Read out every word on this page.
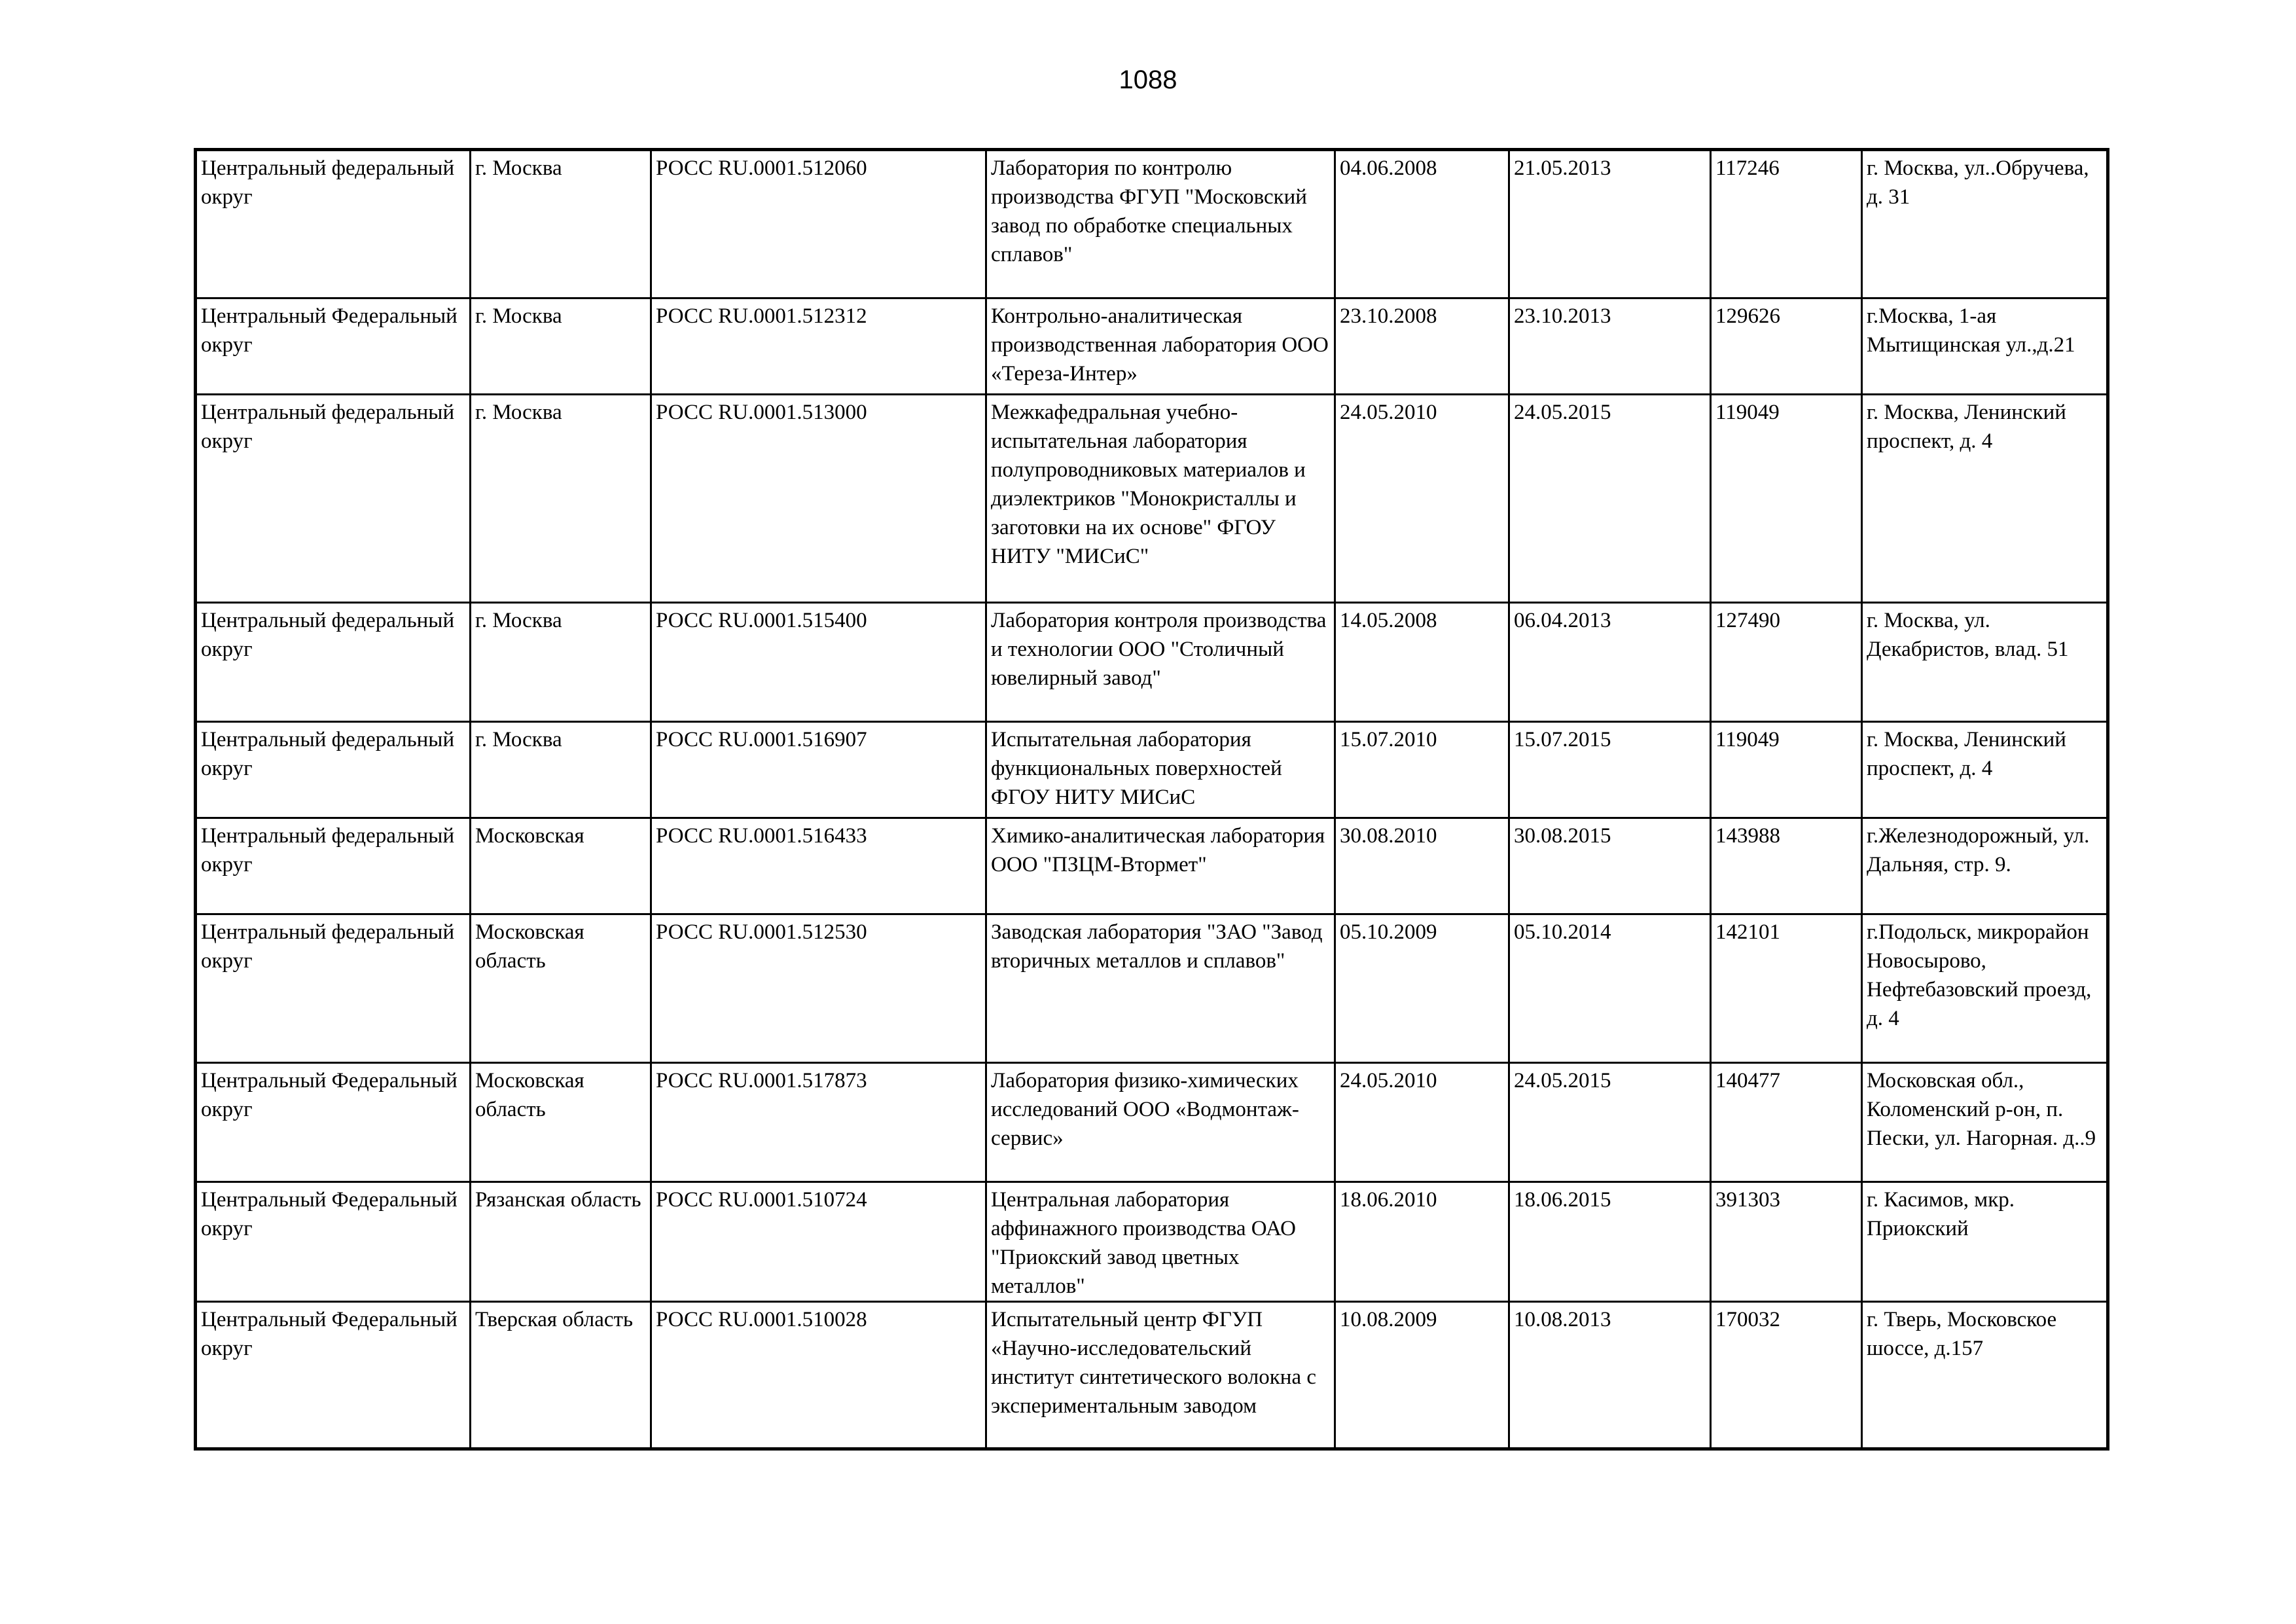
1088
Центральный федеральный округ	г. Москва	РОСС RU.0001.512060	Лаборатория по контролю производства ФГУП "Московский завод по обработке специальных сплавов"	04.06.2008	21.05.2013	117246	г. Москва, ул..Обручева, д. 31
Центральный Федеральный округ	г. Москва	РОСС RU.0001.512312	Контрольно-аналитическая производственная лаборатория ООО «Тереза-Интер»	23.10.2008	23.10.2013	129626	г.Москва, 1-ая Мытищинская ул.,д.21
Центральный федеральный округ	г. Москва	РОСС RU.0001.513000	Межкафедральная учебно-испытательная лаборатория полупроводниковых материалов и диэлектриков "Монокристаллы и заготовки на их основе" ФГОУ НИТУ "МИСиС"	24.05.2010	24.05.2015	119049	г. Москва, Ленинский проспект, д. 4
Центральный федеральный округ	г. Москва	РОСС RU.0001.515400	Лаборатория контроля производства и технологии ООО "Столичный ювелирный завод"	14.05.2008	06.04.2013	127490	г. Москва, ул. Декабристов, влад. 51
Центральный федеральный округ	г. Москва	РОСС RU.0001.516907	Испытательная лаборатория функциональных поверхностей ФГОУ НИТУ МИСиС	15.07.2010	15.07.2015	119049	г. Москва, Ленинский проспект, д. 4
Центральный федеральный округ	Московская	РОСС RU.0001.516433	Химико-аналитическая лаборатория ООО "ПЗЦМ-Втормет"	30.08.2010	30.08.2015	143988	г.Железнодорожный, ул. Дальняя, стр. 9.
Центральный федеральный округ	Московская область	РОСС RU.0001.512530	Заводская лаборатория "ЗАО "Завод вторичных металлов и сплавов"	05.10.2009	05.10.2014	142101	г.Подольск, микрорайон Новосырово, Нефтебазовский проезд, д. 4
Центральный Федеральный округ	Московская область	РОСС RU.0001.517873	Лаборатория физико-химических исследований ООО «Водмонтаж-сервис»	24.05.2010	24.05.2015	140477	Московская обл., Коломенский р-он, п. Пески, ул. Нагорная. д..9
Центральный Федеральный округ	Рязанская область	РОСС RU.0001.510724	Центральная лаборатория аффинажного производства ОАО "Приокский завод цветных металлов"	18.06.2010	18.06.2015	391303	г. Касимов, мкр. Приокский
Центральный Федеральный округ	Тверская область	РОСС RU.0001.510028	Испытательный центр ФГУП «Научно-исследовательский институт синтетического волокна с экспериментальным заводом	10.08.2009	10.08.2013	170032	г. Тверь, Московское шоссе, д.157
